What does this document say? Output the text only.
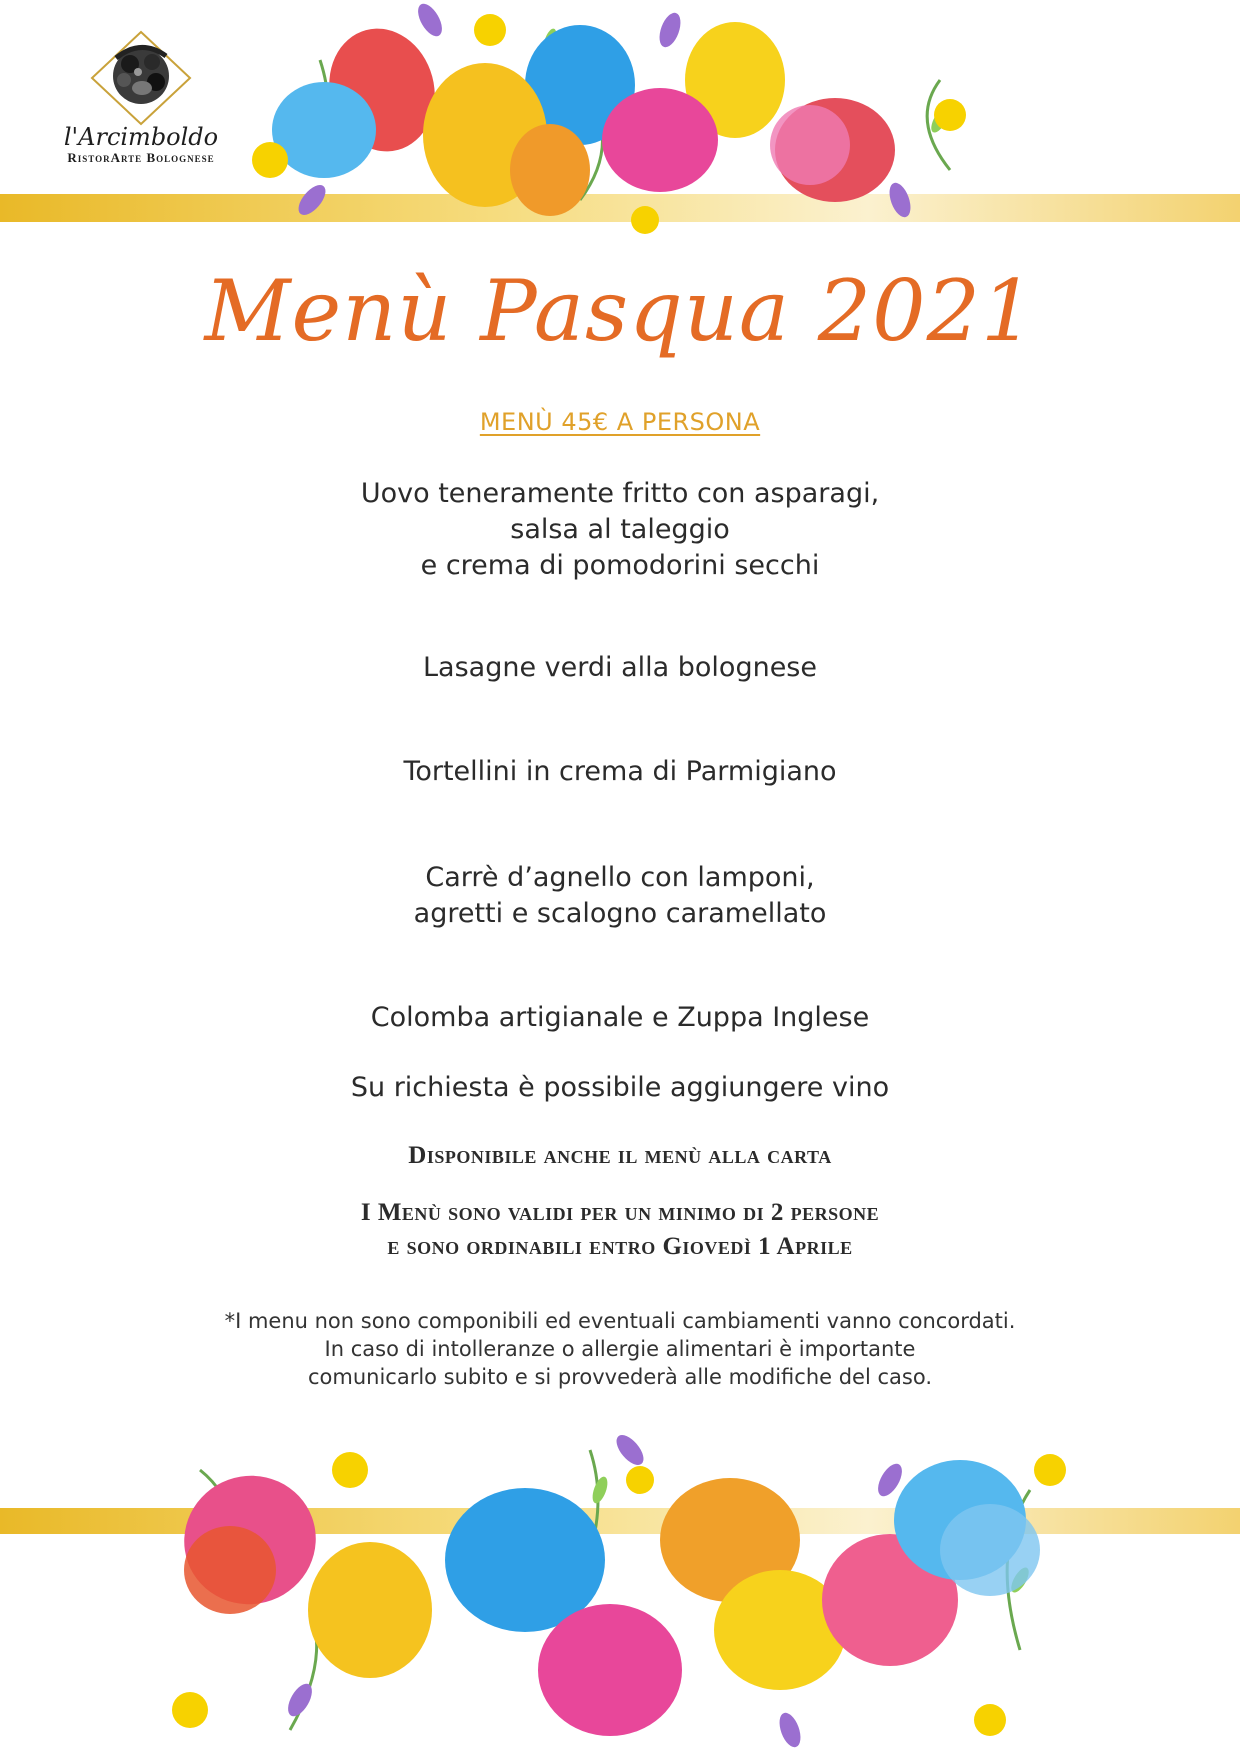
l'Arcimboldo
RistorArte Bolognese
Menù Pasqua 2021
MENÙ 45€ A PERSONA
Uovo teneramente fritto con asparagi,
salsa al taleggio
e crema di pomodorini secchi
Lasagne verdi alla bolognese
Tortellini in crema di Parmigiano
Carrè d’agnello con lamponi,
agretti e scalogno caramellato
Colomba artigianale e Zuppa Inglese
Su richiesta è possibile aggiungere vino
Disponibile anche il menù alla carta
I Menù sono validi per un minimo di 2 persone
e sono ordinabili entro Giovedì 1 Aprile
*I menu non sono componibili ed eventuali cambiamenti vanno concordati.
In caso di intolleranze o allergie alimentari è importante
comunicarlo subito e si provvederà alle modifiche del caso.
